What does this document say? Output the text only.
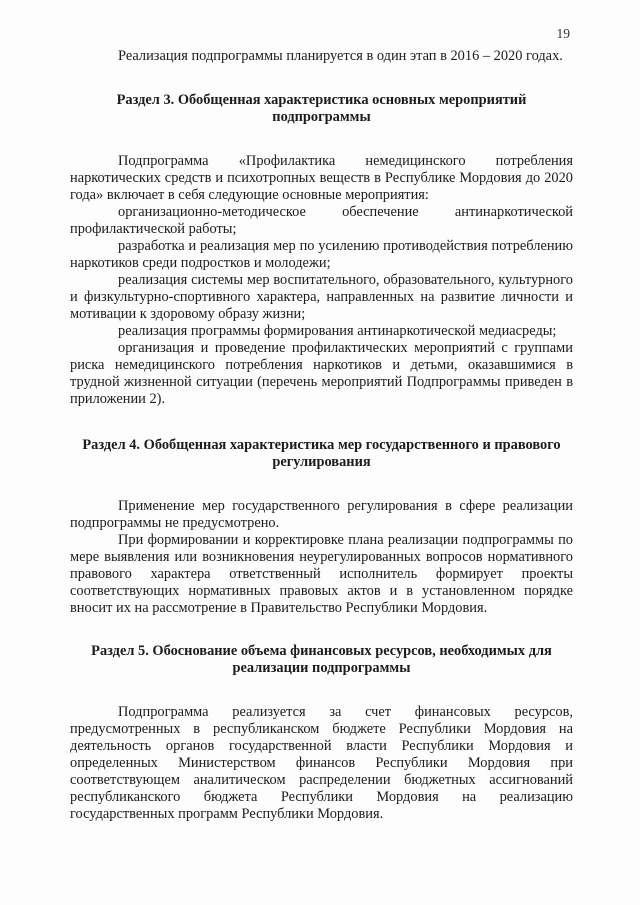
19

Реализация подпрограммы планируется в один этап в 2016 – 2020 годах.

Раздел 3. Обобщенная характеристика основных мероприятий подпрограммы

Подпрограмма «Профилактика немедицинского потребления наркотических средств и психотропных веществ в Республике Мордовия до 2020 года» включает в себя следующие основные мероприятия:

организационно-методическое обеспечение антинаркотической профилактической работы;

разработка и реализация мер по усилению противодействия потреблению наркотиков среди подростков и молодежи;

реализация системы мер воспитательного, образовательного, культурного и физкультурно-спортивного характера, направленных на развитие личности и мотивации к здоровому образу жизни;

реализация программы формирования антинаркотической медиасреды;

организация и проведение профилактических мероприятий с группами риска немедицинского потребления наркотиков и детьми, оказавшимися в трудной жизненной ситуации (перечень мероприятий Подпрограммы приведен в приложении 2).

Раздел 4. Обобщенная характеристика мер государственного и правового регулирования

Применение мер государственного регулирования в сфере реализации подпрограммы не предусмотрено.

При формировании и корректировке плана реализации подпрограммы по мере выявления или возникновения неурегулированных вопросов нормативного правового характера ответственный исполнитель формирует проекты соответствующих нормативных правовых актов и в установленном порядке вносит их на рассмотрение в Правительство Республики Мордовия.

Раздел 5. Обоснование объема финансовых ресурсов, необходимых для реализации подпрограммы

Подпрограмма реализуется за счет финансовых ресурсов, предусмотренных в республиканском бюджете Республики Мордовия на деятельность органов государственной власти Республики Мордовия и определенных Министерством финансов Республики Мордовия при соответствующем аналитическом распределении бюджетных ассигнований республиканского бюджета Республики Мордовия на реализацию государственных программ Республики Мордовия.
